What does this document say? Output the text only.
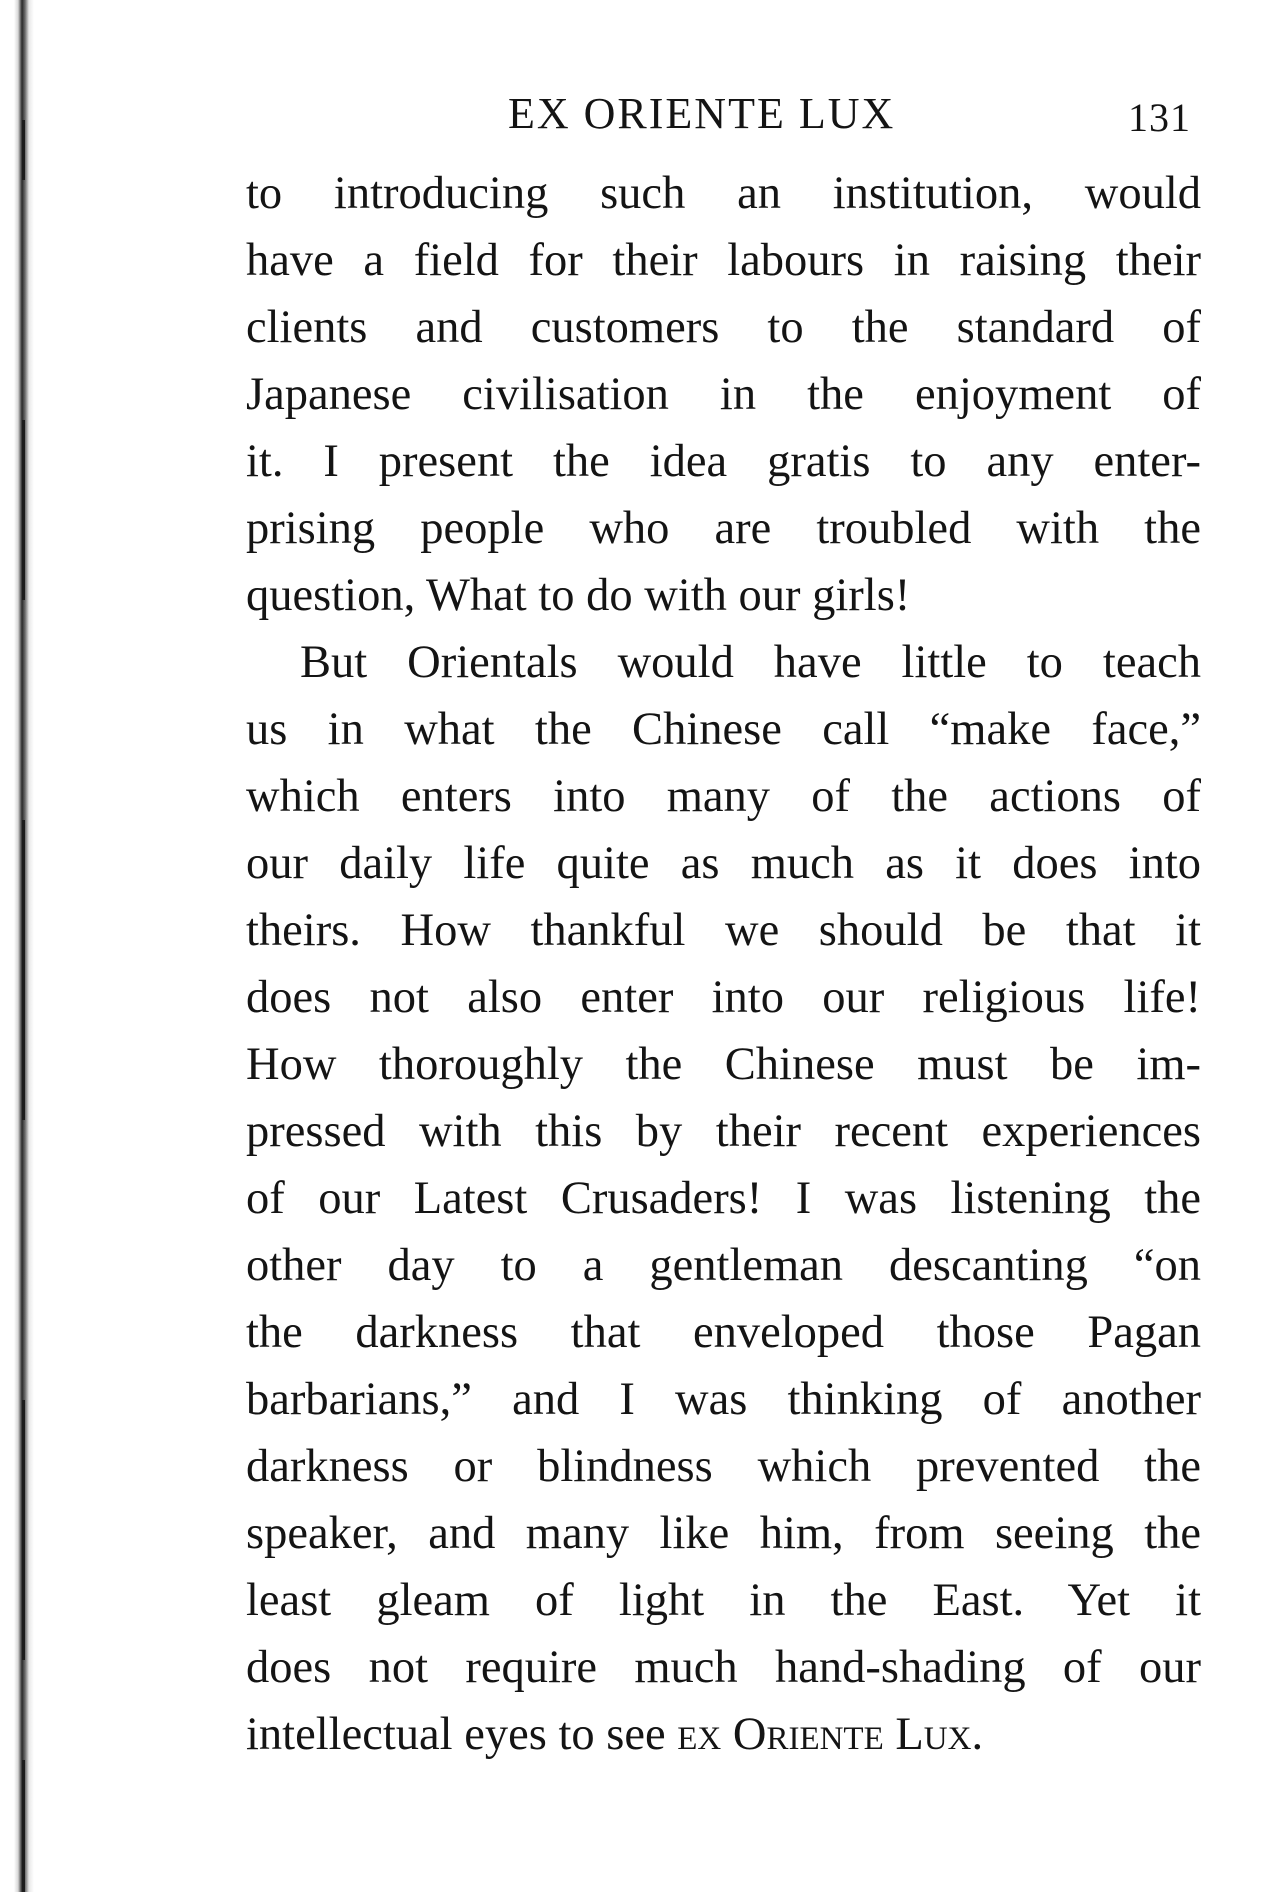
EX ORIENTE LUX	131
to introducing such an institution, would
have a field for their labours in raising their
clients and customers to the standard of
Japanese civilisation in the enjoyment of
it. I present the idea gratis to any enter-
prising people who are troubled with the
question, What to do with our girls!
But Orientals would have little to teach
us in what the Chinese call “make face,”
which enters into many of the actions of
our daily life quite as much as it does into
theirs. How thankful we should be that it
does not also enter into our religious life!
How thoroughly the Chinese must be im-
pressed with this by their recent experiences
of our Latest Crusaders! I was listening the
other day to a gentleman descanting “on
the darkness that enveloped those Pagan
barbarians,” and I was thinking of another
darkness or blindness which prevented the
speaker, and many like him, from seeing the
least gleam of light in the East. Yet it
does not require much hand-shading of our
intellectual eyes to see ex Oriente Lux.
